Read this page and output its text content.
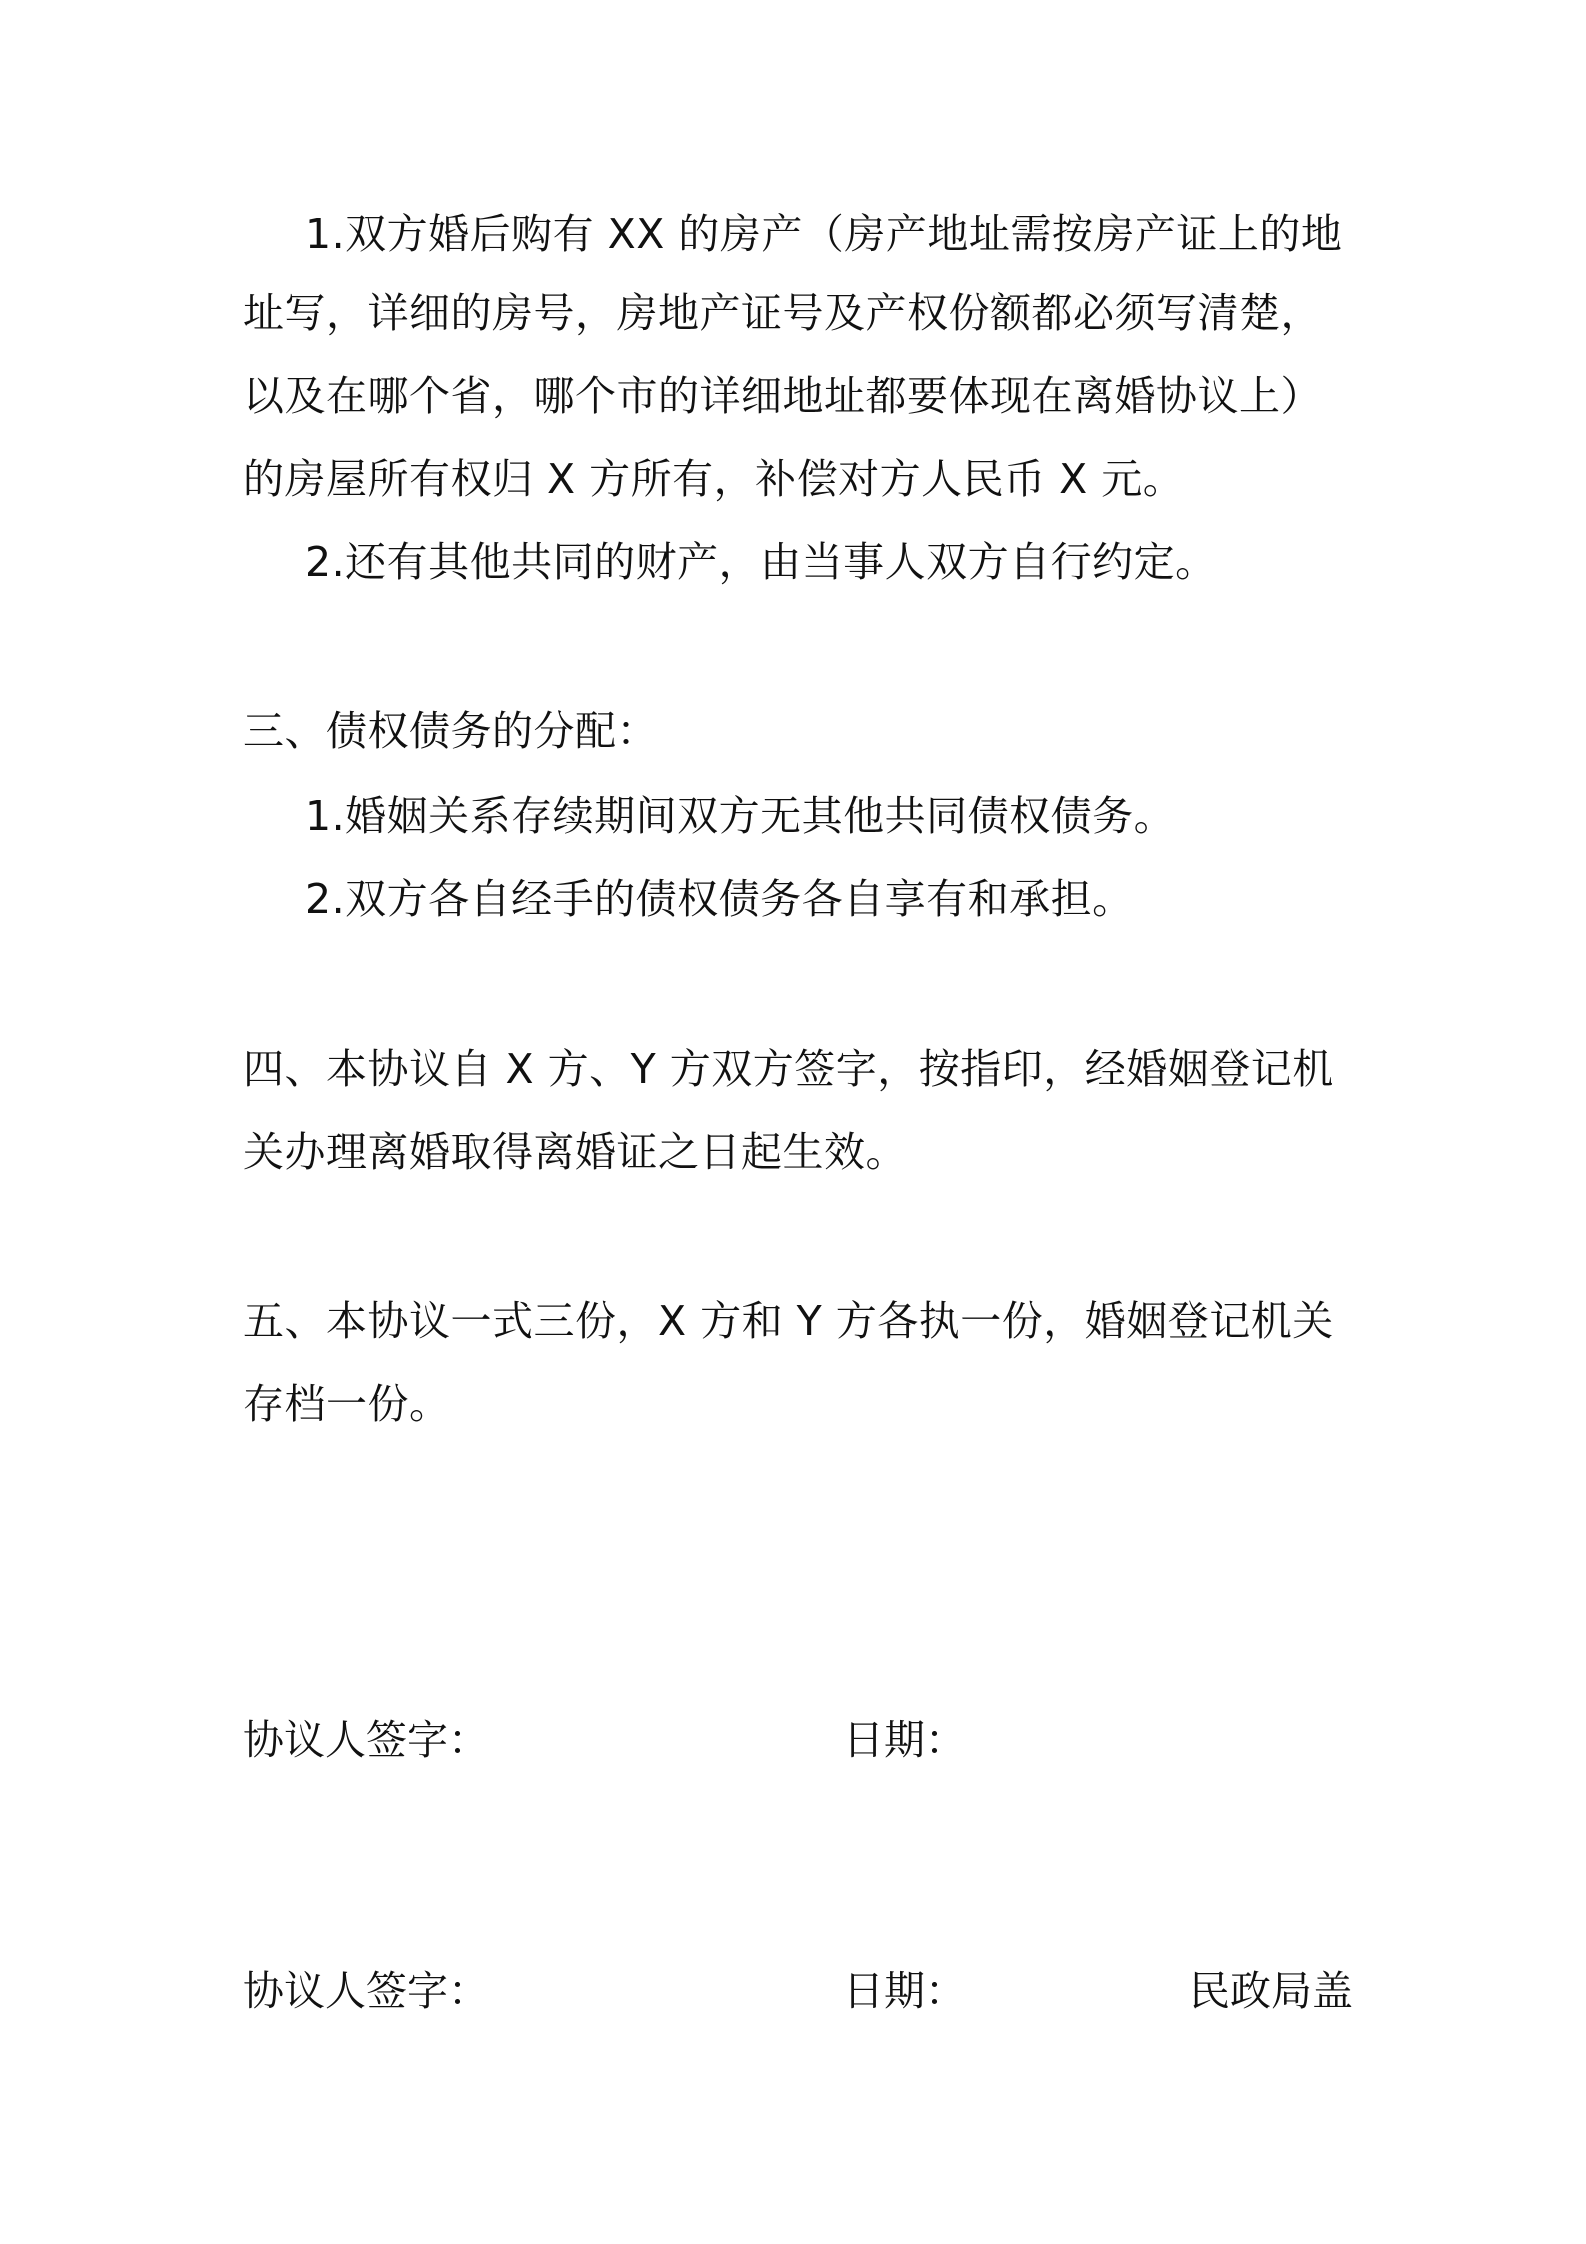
1.双方婚后购有 XX 的房产（房产地址需按房产证上的地
址写，详细的房号，房地产证号及产权份额都必须写清楚，
以及在哪个省，哪个市的详细地址都要体现在离婚协议上）
的房屋所有权归 X 方所有，补偿对方人民币 X 元。
2.还有其他共同的财产，由当事人双方自行约定。
三、债权债务的分配：
1.婚姻关系存续期间双方无其他共同债权债务。
2.双方各自经手的债权债务各自享有和承担。
四、本协议自 X 方、Y 方双方签字，按指印，经婚姻登记机
关办理离婚取得离婚证之日起生效。
五、本协议一式三份，X 方和 Y 方各执一份，婚姻登记机关
存档一份。
协议人签字：	日期：
协议人签字：	日期：	民政局盖
